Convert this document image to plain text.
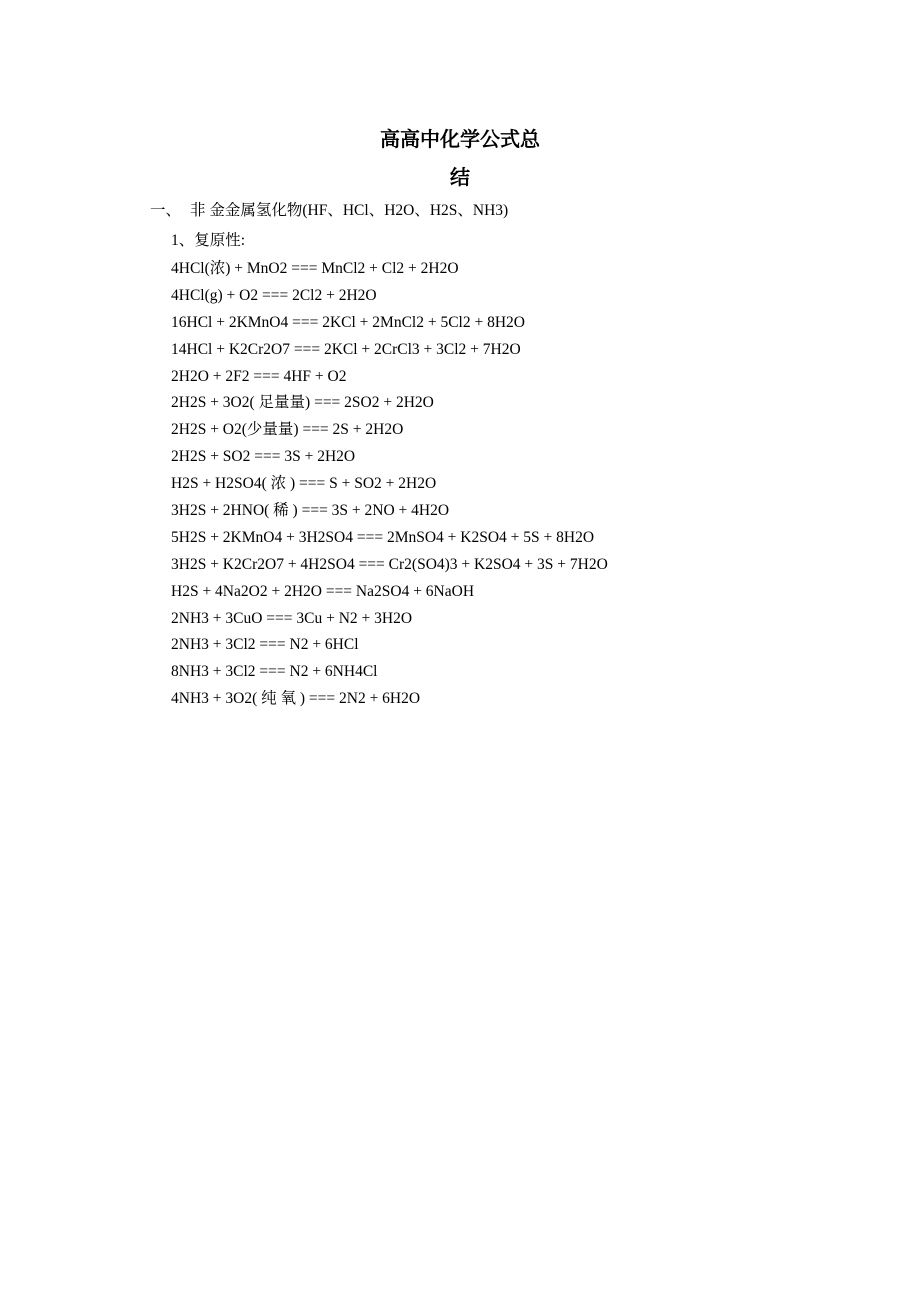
高高中化学公式总
结
一、 非 金金属氢化物(HF、HCl、H2O、H2S、NH3)
1、复原性:
4HCl(浓) + MnO2 === MnCl2 + Cl2 + 2H2O
4HCl(g) + O2 === 2Cl2 + 2H2O
16HCl + 2KMnO4 === 2KCl + 2MnCl2 + 5Cl2 + 8H2O
14HCl + K2Cr2O7 === 2KCl + 2CrCl3 + 3Cl2 + 7H2O
2H2O + 2F2 === 4HF + O2
2H2S + 3O2( 足量量) === 2SO2 + 2H2O
2H2S + O2(少量量) === 2S + 2H2O
2H2S + SO2 === 3S + 2H2O
H2S + H2SO4( 浓 ) === S + SO2 + 2H2O
3H2S + 2HNO( 稀 ) === 3S + 2NO + 4H2O
5H2S + 2KMnO4 + 3H2SO4 === 2MnSO4 + K2SO4 + 5S + 8H2O
3H2S + K2Cr2O7 + 4H2SO4 === Cr2(SO4)3 + K2SO4 + 3S + 7H2O
H2S + 4Na2O2 + 2H2O === Na2SO4 + 6NaOH
2NH3 + 3CuO === 3Cu + N2 + 3H2O
2NH3 + 3Cl2 === N2 + 6HCl
8NH3 + 3Cl2 === N2 + 6NH4Cl
4NH3 + 3O2( 纯 氧 ) === 2N2 + 6H2O
